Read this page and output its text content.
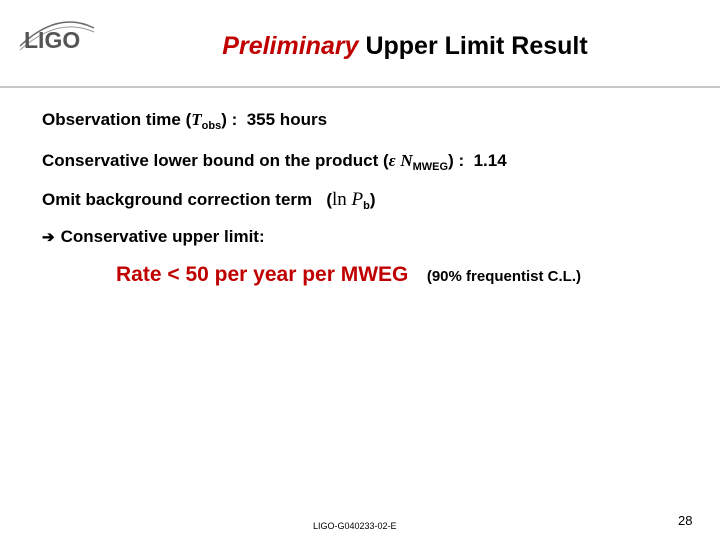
LIGO	Preliminary Upper Limit Result
Observation time $(T_{obs})$ : 355 hours
Conservative lower bound on the product (ε $N_{MWEG}$) : 1.14
Omit background correction term (ln $P_b$)
➔ Conservative upper limit:
Rate < 50 per year per MWEG (90% frequentist C.L.)
LIGO-G040233-02-E	28
